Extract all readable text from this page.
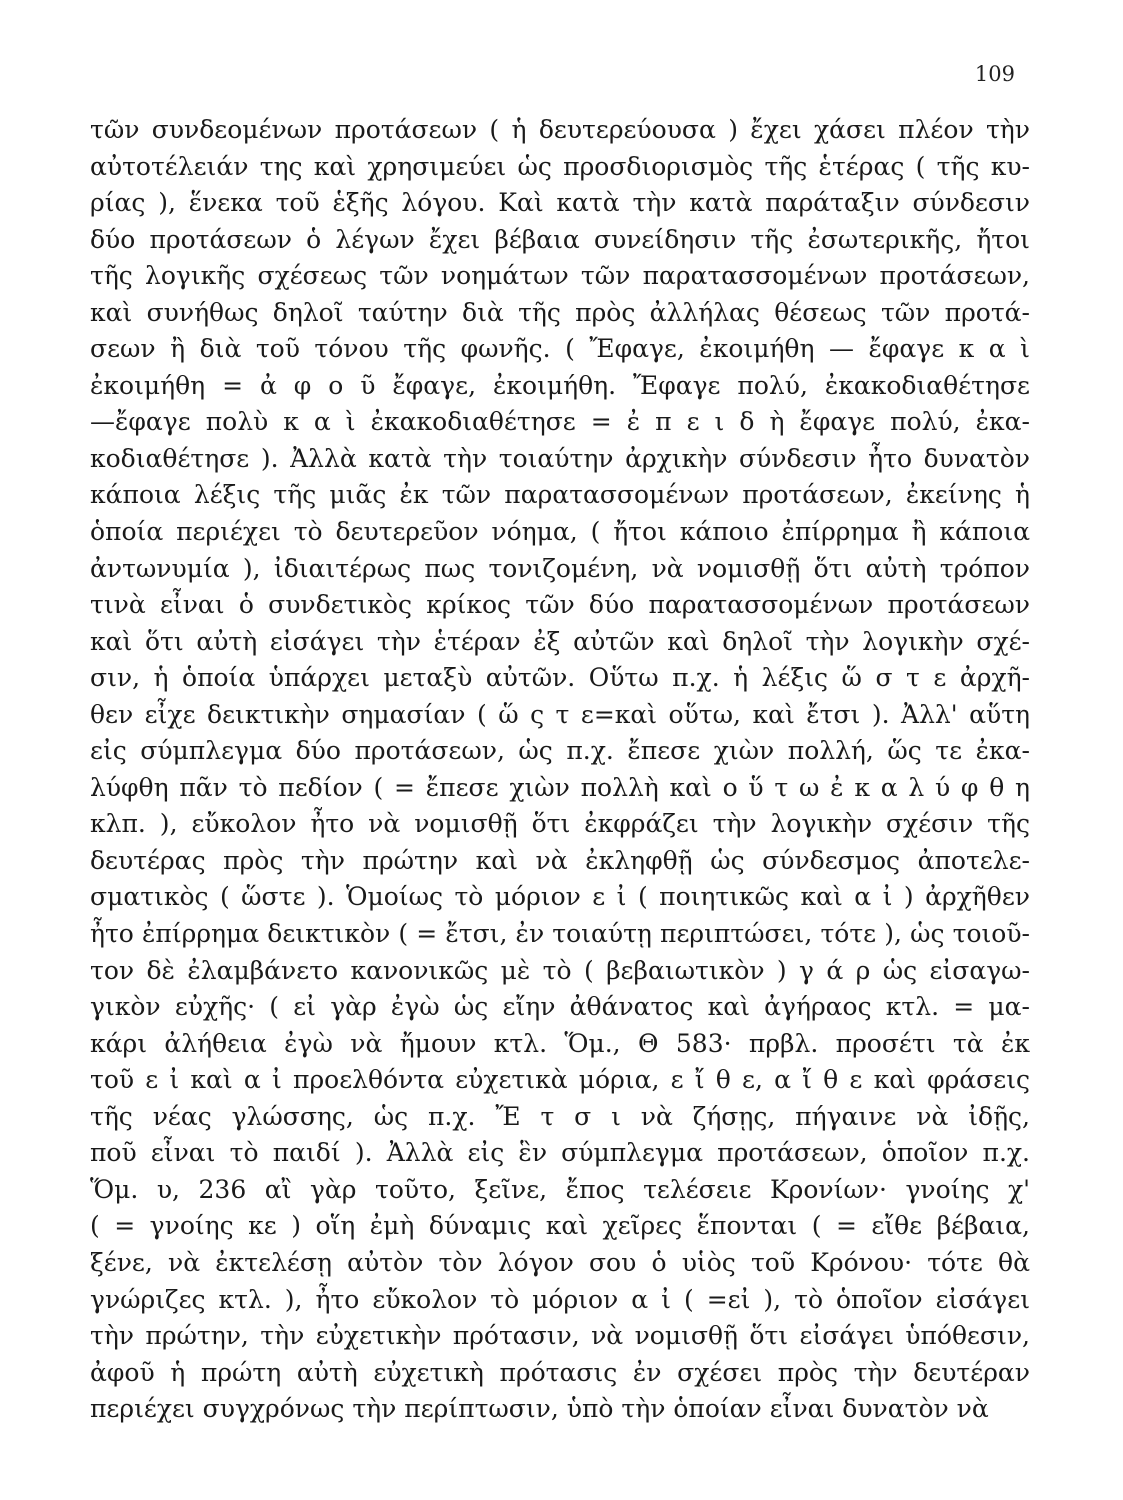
109
τῶν συνδεομένων προτάσεων ( ἡ δευτερεύουσα ) ἔχει χάσει πλέον τὴν
αὐτοτέλειάν της καὶ χρησιμεύει ὡς προσδιορισμὸς τῆς ἑτέρας ( τῆς κυ-
ρίας ), ἕνεκα τοῦ ἑξῆς λόγου. Καὶ κατὰ τὴν κατὰ παράταξιν σύνδεσιν
δύο προτάσεων ὁ λέγων ἔχει βέβαια συνείδησιν τῆς ἐσωτερικῆς, ἤτοι
τῆς λογικῆς σχέσεως τῶν νοημάτων τῶν παρατασσομένων προτάσεων,
καὶ συνήθως δηλοῖ ταύτην διὰ τῆς πρὸς ἀλλήλας θέσεως τῶν προτά-
σεων ἢ διὰ τοῦ τόνου τῆς φωνῆς. ( Ἔφαγε, ἐκοιμήθη — ἔφαγε κ α ὶ
ἐκοιμήθη = ἀ φ ο ῦ ἔφαγε, ἐκοιμήθη. Ἔφαγε πολύ, ἐκακοδιαθέτησε
—ἔφαγε πολὺ κ α ὶ ἐκακοδιαθέτησε = ἐ π ε ι δ ὴ ἔφαγε πολύ, ἐκα-
κοδιαθέτησε ). Ἀλλὰ κατὰ τὴν τοιαύτην ἀρχικὴν σύνδεσιν ἦτο δυνατὸν
κάποια λέξις τῆς μιᾶς ἐκ τῶν παρατασσομένων προτάσεων, ἐκείνης ἡ
ὁποία περιέχει τὸ δευτερεῦον νόημα, ( ἤτοι κάποιο ἐπίρρημα ἢ κάποια
ἀντωνυμία ), ἰδιαιτέρως πως τονιζομένη, νὰ νομισθῇ ὅτι αὐτὴ τρόπον
τινὰ εἶναι ὁ συνδετικὸς κρίκος τῶν δύο παρατασσομένων προτάσεων
καὶ ὅτι αὐτὴ εἰσάγει τὴν ἑτέραν ἐξ αὐτῶν καὶ δηλοῖ τὴν λογικὴν σχέ-
σιν, ἡ ὁποία ὑπάρχει μεταξὺ αὐτῶν. Οὕτω π.χ. ἡ λέξις ὥ σ τ ε ἀρχῆ-
θεν εἶχε δεικτικὴν σημασίαν ( ὥ ς τ ε=καὶ οὕτω, καὶ ἔτσι ). Ἀλλ' αὕτη
εἰς σύμπλεγμα δύο προτάσεων, ὡς π.χ. ἔπεσε χιὼν πολλή, ὥς τε ἐκα-
λύφθη πᾶν τὸ πεδίον ( = ἔπεσε χιὼν πολλὴ καὶ ο ὕ τ ω ἐ κ α λ ύ φ θ η
κλπ. ), εὔκολον ἦτο νὰ νομισθῇ ὅτι ἐκφράζει τὴν λογικὴν σχέσιν τῆς
δευτέρας πρὸς τὴν πρώτην καὶ νὰ ἐκληφθῇ ὡς σύνδεσμος ἀποτελε-
σματικὸς ( ὥστε ). Ὁμοίως τὸ μόριον ε ἰ ( ποιητικῶς καὶ α ἰ ) ἀρχῆθεν
ἦτο ἐπίρρημα δεικτικὸν ( = ἔτσι, ἐν τοιαύτῃ περιπτώσει, τότε ), ὡς τοιοῦ-
τον δὲ ἐλαμβάνετο κανονικῶς μὲ τὸ ( βεβαιωτικὸν ) γ ά ρ ὡς εἰσαγω-
γικὸν εὐχῆς· ( εἰ γὰρ ἐγὼ ὡς εἴην ἀθάνατος καὶ ἀγήραος κτλ. = μα-
κάρι ἀλήθεια ἐγὼ νὰ ἤμουν κτλ. Ὅμ., Θ 583· πρβλ. προσέτι τὰ ἐκ
τοῦ ε ἰ καὶ α ἰ προελθόντα εὐχετικὰ μόρια, ε ἴ θ ε, α ἴ θ ε καὶ φράσεις
τῆς νέας γλώσσης, ὡς π.χ. Ἔ τ σ ι νὰ ζήσῃς, πήγαινε νὰ ἰδῇς,
ποῦ εἶναι τὸ παιδί ). Ἀλλὰ εἰς ἓν σύμπλεγμα προτάσεων, ὁποῖον π.χ.
Ὅμ. υ, 236 αἲ γὰρ τοῦτο, ξεῖνε, ἔπος τελέσειε Κρονίων· γνοίης χ'
( = γνοίης κε ) οἵη ἐμὴ δύναμις καὶ χεῖρες ἕπονται ( = εἴθε βέβαια,
ξένε, νὰ ἐκτελέσῃ αὐτὸν τὸν λόγον σου ὁ υἱὸς τοῦ Κρόνου· τότε θὰ
γνώριζες κτλ. ), ἦτο εὔκολον τὸ μόριον α ἰ ( =εἰ ), τὸ ὁποῖον εἰσάγει
τὴν πρώτην, τὴν εὐχετικὴν πρότασιν, νὰ νομισθῇ ὅτι εἰσάγει ὑπόθεσιν,
ἀφοῦ ἡ πρώτη αὐτὴ εὐχετικὴ πρότασις ἐν σχέσει πρὸς τὴν δευτέραν
περιέχει συγχρόνως τὴν περίπτωσιν, ὑπὸ τὴν ὁποίαν εἶναι δυνατὸν νὰ
